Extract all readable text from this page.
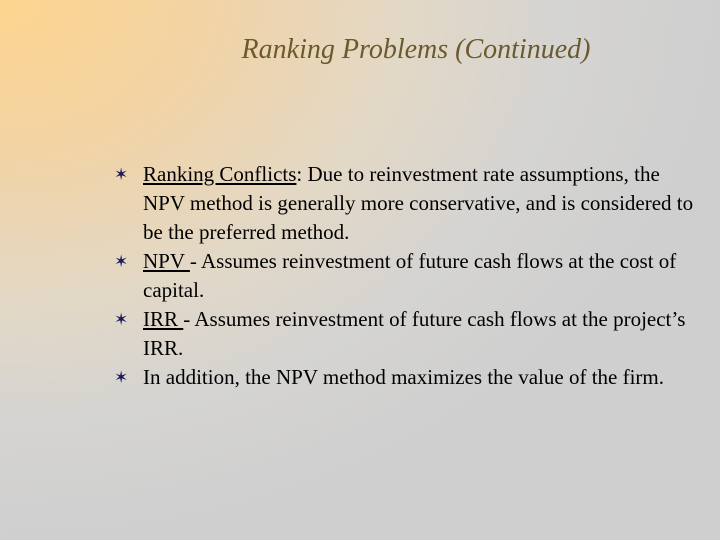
Ranking Problems (Continued)
✶ Ranking Conflicts: Due to reinvestment rate assumptions, the NPV method is generally more conservative, and is considered to be the preferred method.
✶ NPV - Assumes reinvestment of future cash flows at the cost of capital.
✶ IRR - Assumes reinvestment of future cash flows at the project’s IRR.
✶ In addition, the NPV method maximizes the value of the firm.
